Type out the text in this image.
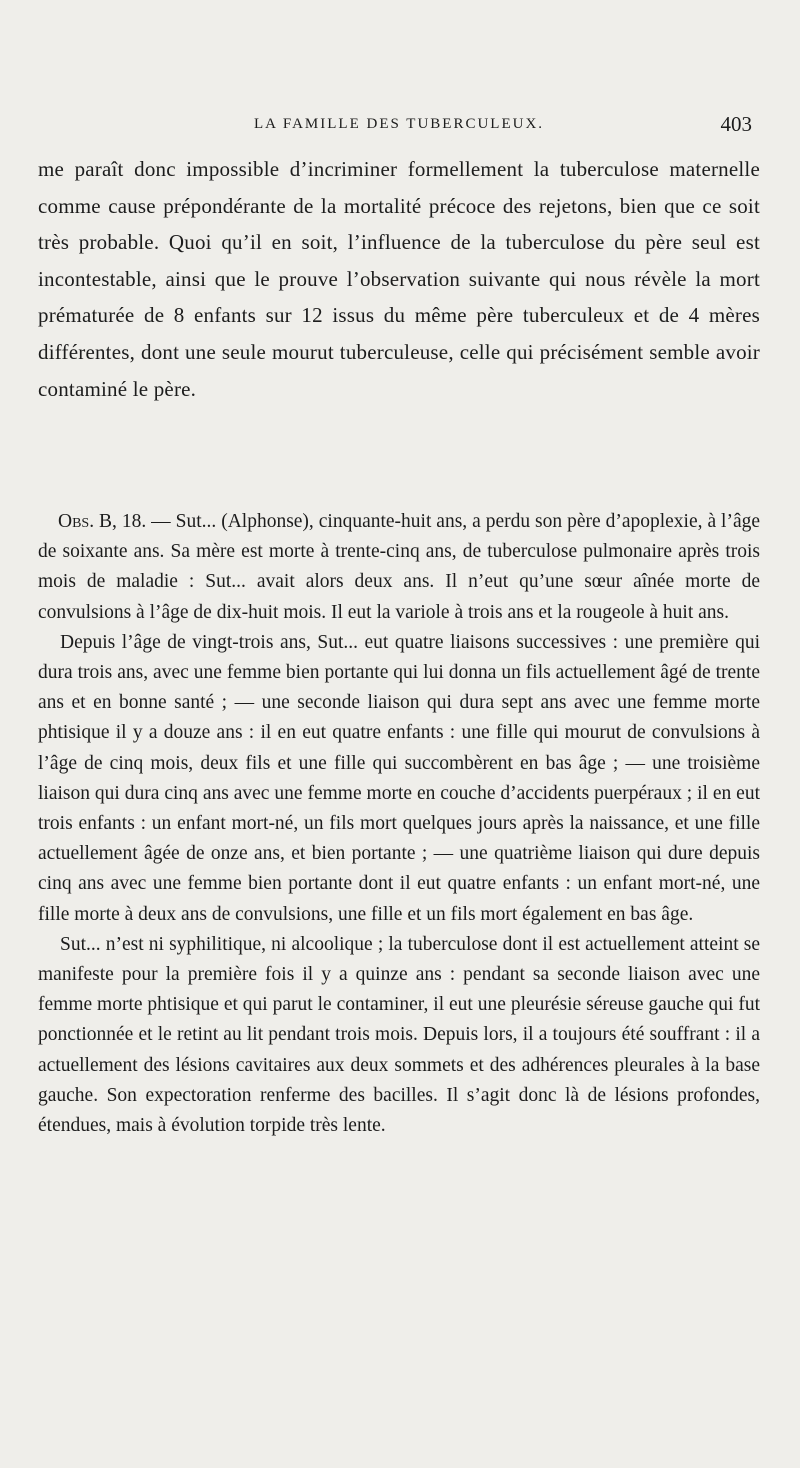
LA FAMILLE DES TUBERCULEUX.	403

me paraît donc impossible d’incriminer formellement la tuberculose maternelle comme cause prépondérante de la mortalité précoce des rejetons, bien que ce soit très probable. Quoi qu’il en soit, l’influence de la tuberculose du père seul est incontestable, ainsi que le prouve l’observation suivante qui nous révèle la mort prématurée de 8 enfants sur 12 issus du même père tuberculeux et de 4 mères différentes, dont une seule mourut tuberculeuse, celle qui précisément semble avoir contaminé le père.

Obs. B, 18. — Sut... (Alphonse), cinquante-huit ans, a perdu son père d’apoplexie, à l’âge de soixante ans. Sa mère est morte à trente-cinq ans, de tuberculose pulmonaire après trois mois de maladie : Sut... avait alors deux ans. Il n’eut qu’une sœur aînée morte de convulsions à l’âge de dix-huit mois. Il eut la variole à trois ans et la rougeole à huit ans.

Depuis l’âge de vingt-trois ans, Sut... eut quatre liaisons successives : une première qui dura trois ans, avec une femme bien portante qui lui donna un fils actuellement âgé de trente ans et en bonne santé ; — une seconde liaison qui dura sept ans avec une femme morte phtisique il y a douze ans : il en eut quatre enfants : une fille qui mourut de convulsions à l’âge de cinq mois, deux fils et une fille qui succombèrent en bas âge ; — une troisième liaison qui dura cinq ans avec une femme morte en couche d’accidents puerpéraux ; il en eut trois enfants : un enfant mort-né, un fils mort quelques jours après la naissance, et une fille actuellement âgée de onze ans, et bien portante ; — une quatrième liaison qui dure depuis cinq ans avec une femme bien portante dont il eut quatre enfants : un enfant mort-né, une fille morte à deux ans de convulsions, une fille et un fils mort également en bas âge.

Sut... n’est ni syphilitique, ni alcoolique ; la tuberculose dont il est actuellement atteint se manifeste pour la première fois il y a quinze ans : pendant sa seconde liaison avec une femme morte phtisique et qui parut le contaminer, il eut une pleurésie séreuse gauche qui fut ponctionnée et le retint au lit pendant trois mois. Depuis lors, il a toujours été souffrant : il a actuellement des lésions cavitaires aux deux sommets et des adhérences pleurales à la base gauche. Son expectoration renferme des bacilles. Il s’agit donc là de lésions profondes, étendues, mais à évolution torpide très lente.
